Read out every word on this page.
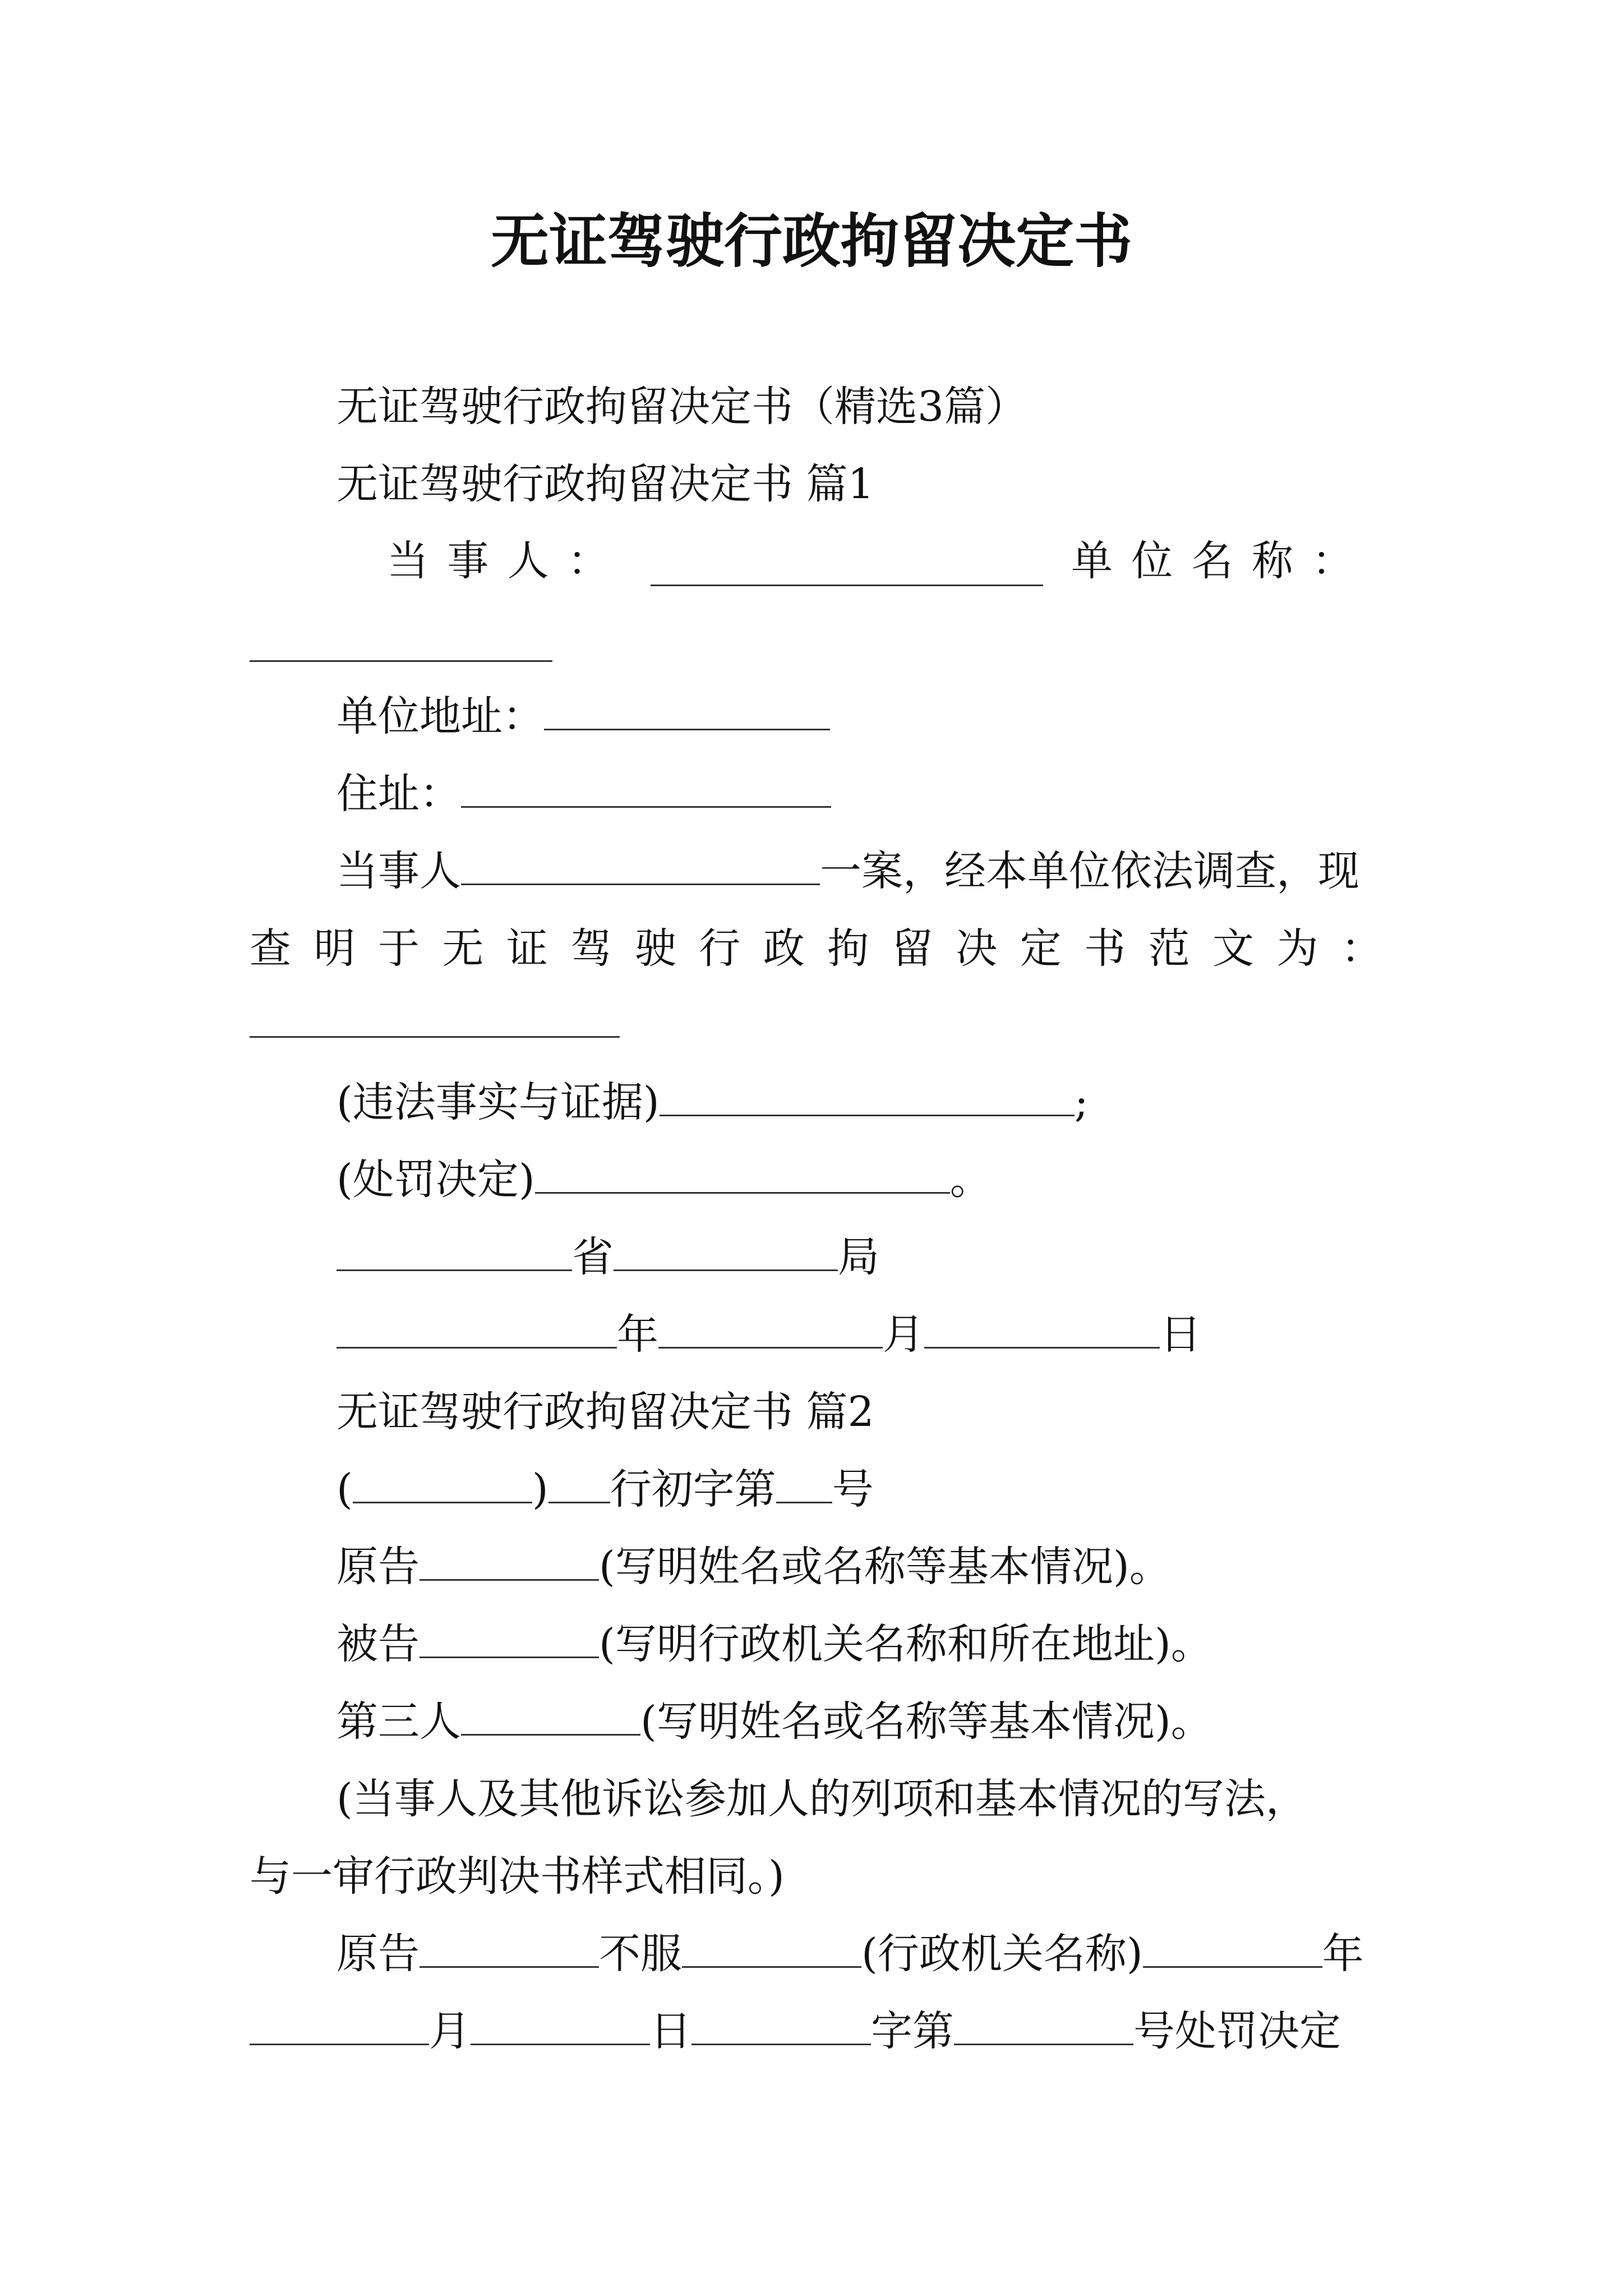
无证驾驶行政拘留决定书
无证驾驶行政拘留决定书（精选3篇）
无证驾驶行政拘留决定书 篇1
当事人：	单位名称：
单位地址：
住址：
当事人	一案，经本单位依法调查，现
查 明 于 无 证 驾 驶 行 政 拘 留 决 定 书 范 文 为 ：
(违法事实与证据)	;
(处罚决定)	。
省	局
年	月	日
无证驾驶行政拘留决定书 篇2
(	) 行初字第 号
原告	(写明姓名或名称等基本情况)。
被告	(写明行政机关名称和所在地址)。
第三人	(写明姓名或名称等基本情况)。
(当事人及其他诉讼参加人的列项和基本情况的写法，
与一审行政判决书样式相同。)
原告	不服	(行政机关名称)	年
月	日	字第	号处罚决定
